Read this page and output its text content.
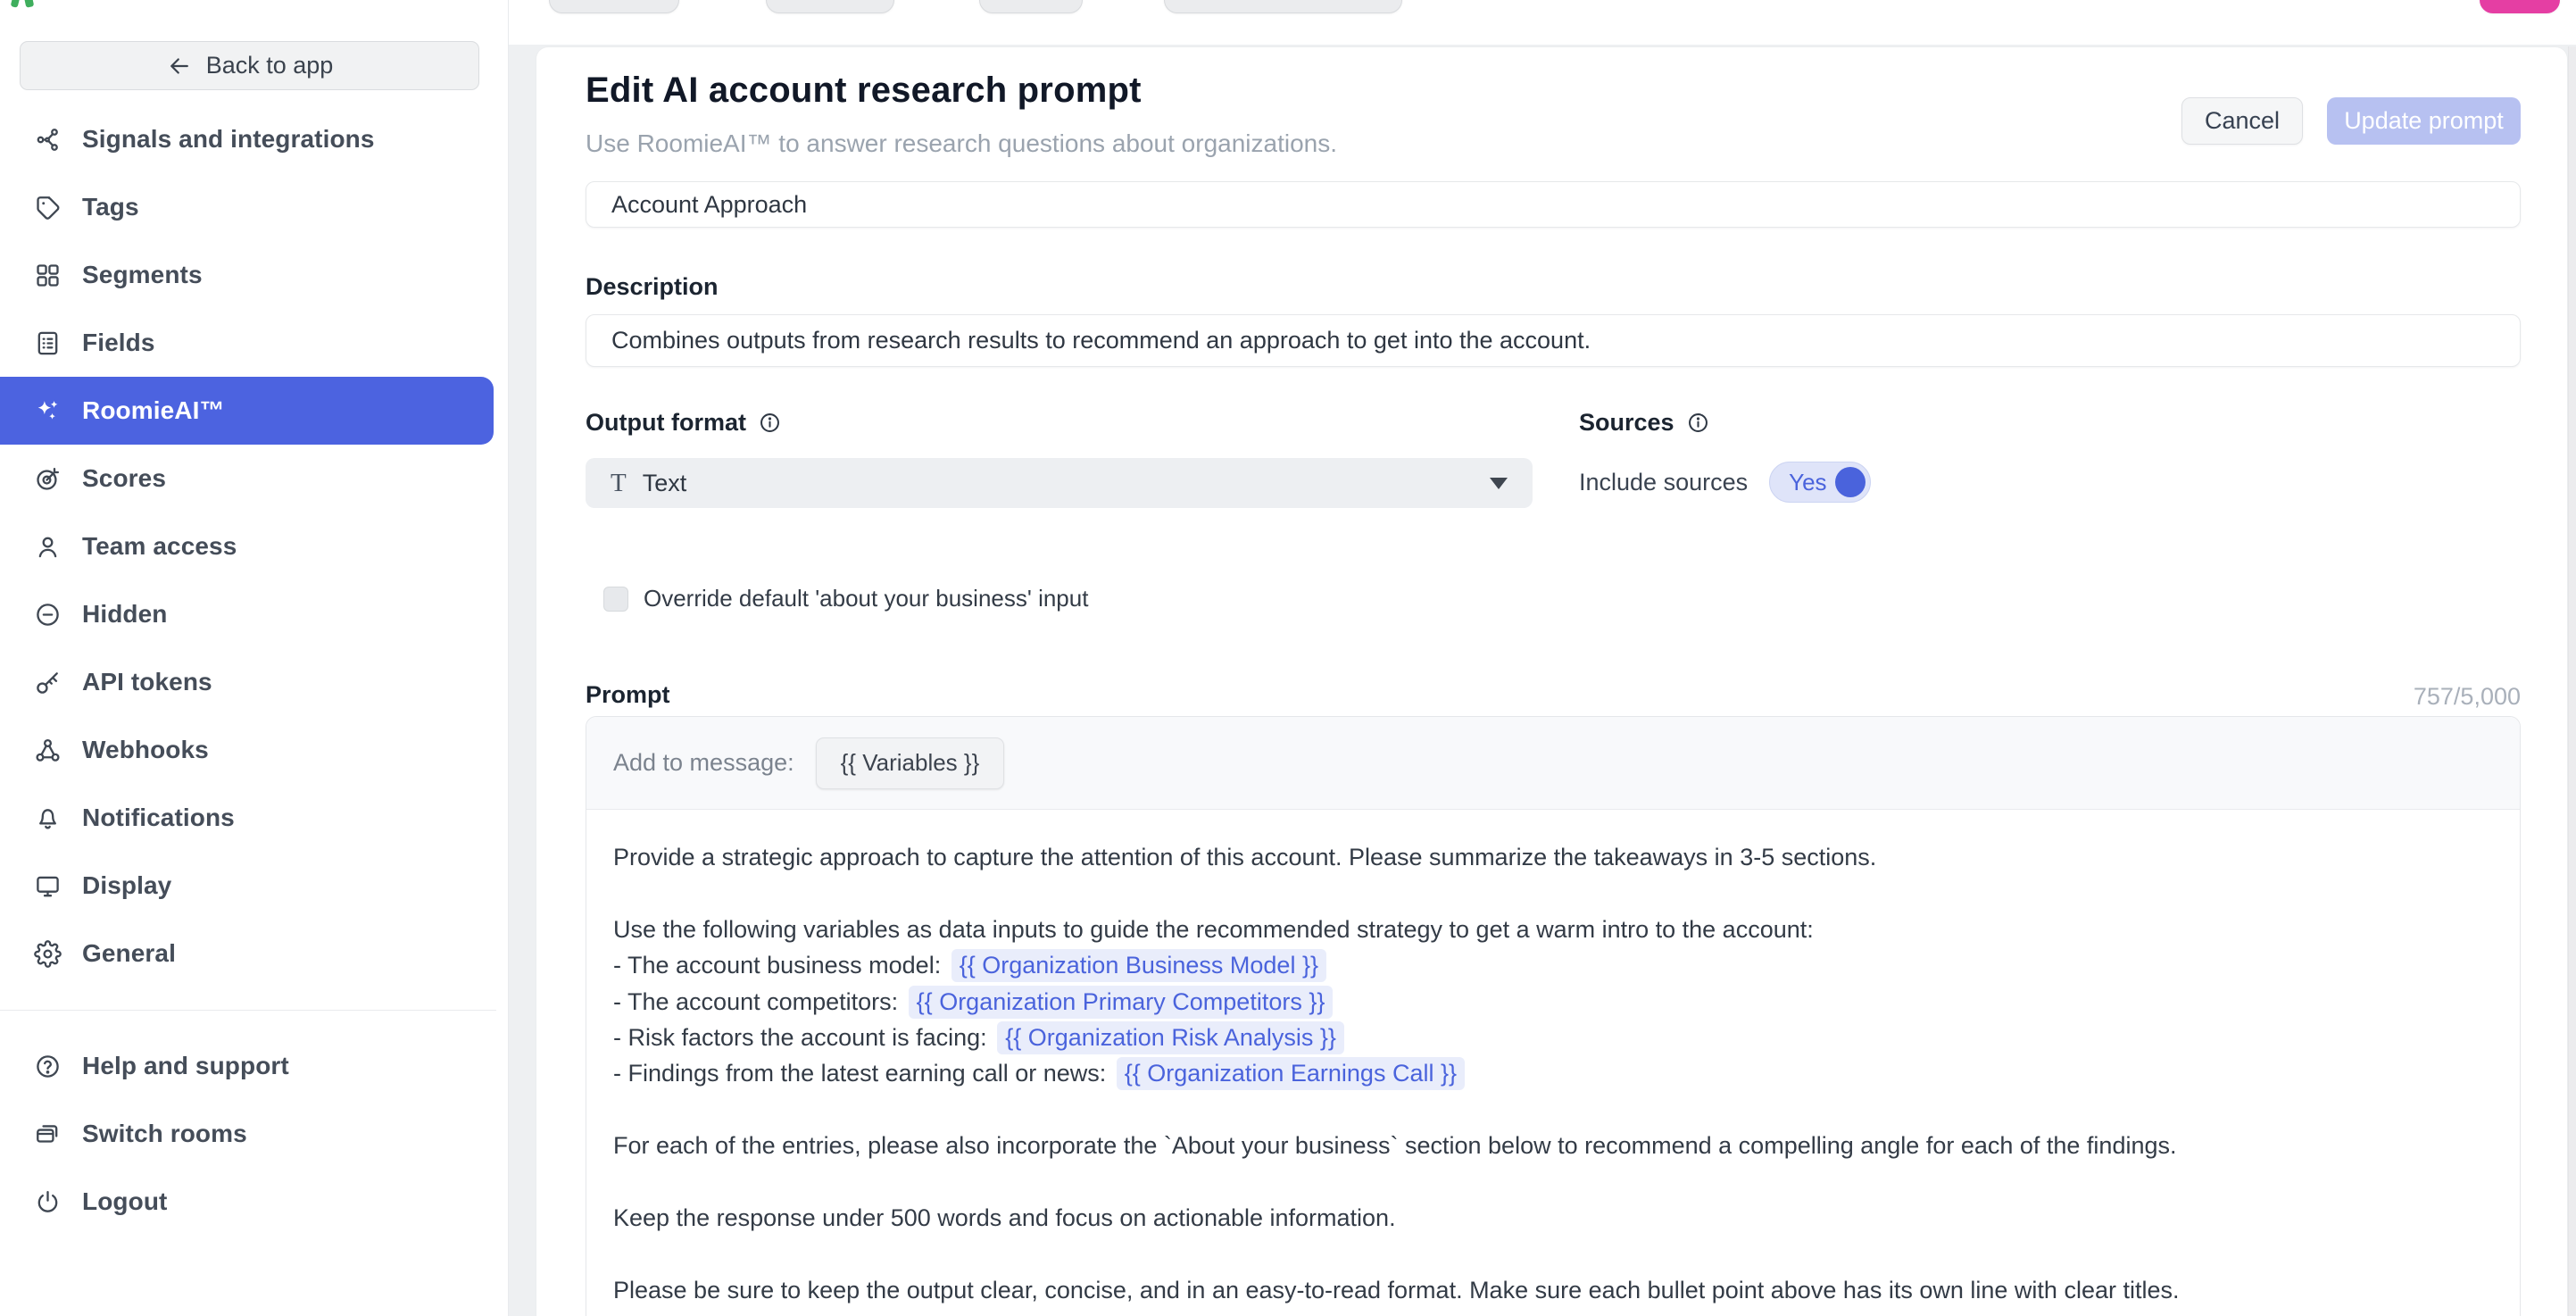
Back to app
Signals and integrations
Tags
Segments
Fields
RoomieAI™
Scores
Team access
Hidden
API tokens
Webhooks
Notifications
Display
General
Help and support
Switch rooms
Logout
Edit AI account research prompt
Use RoomieAI™ to answer research questions about organizations.
Cancel	Update prompt
Account Approach
Description
Combines outputs from research results to recommend an approach to get into the account.
Output format
T Text
Sources
Include sources Yes
Override default 'about your business' input
Prompt	757/5,000
Add to message:	{{ Variables }}
Provide a strategic approach to capture the attention of this account. Please summarize the takeaways in 3-5 sections.
Use the following variables as data inputs to guide the recommended strategy to get a warm intro to the account:
- The account business model: {{ Organization Business Model }}
- The account competitors: {{ Organization Primary Competitors }}
- Risk factors the account is facing: {{ Organization Risk Analysis }}
- Findings from the latest earning call or news: {{ Organization Earnings Call }}
For each of the entries, please also incorporate the `About your business` section below to recommend a compelling angle for each of the findings.
Keep the response under 500 words and focus on actionable information.
Please be sure to keep the output clear, concise, and in an easy-to-read format. Make sure each bullet point above has its own line with clear titles.
